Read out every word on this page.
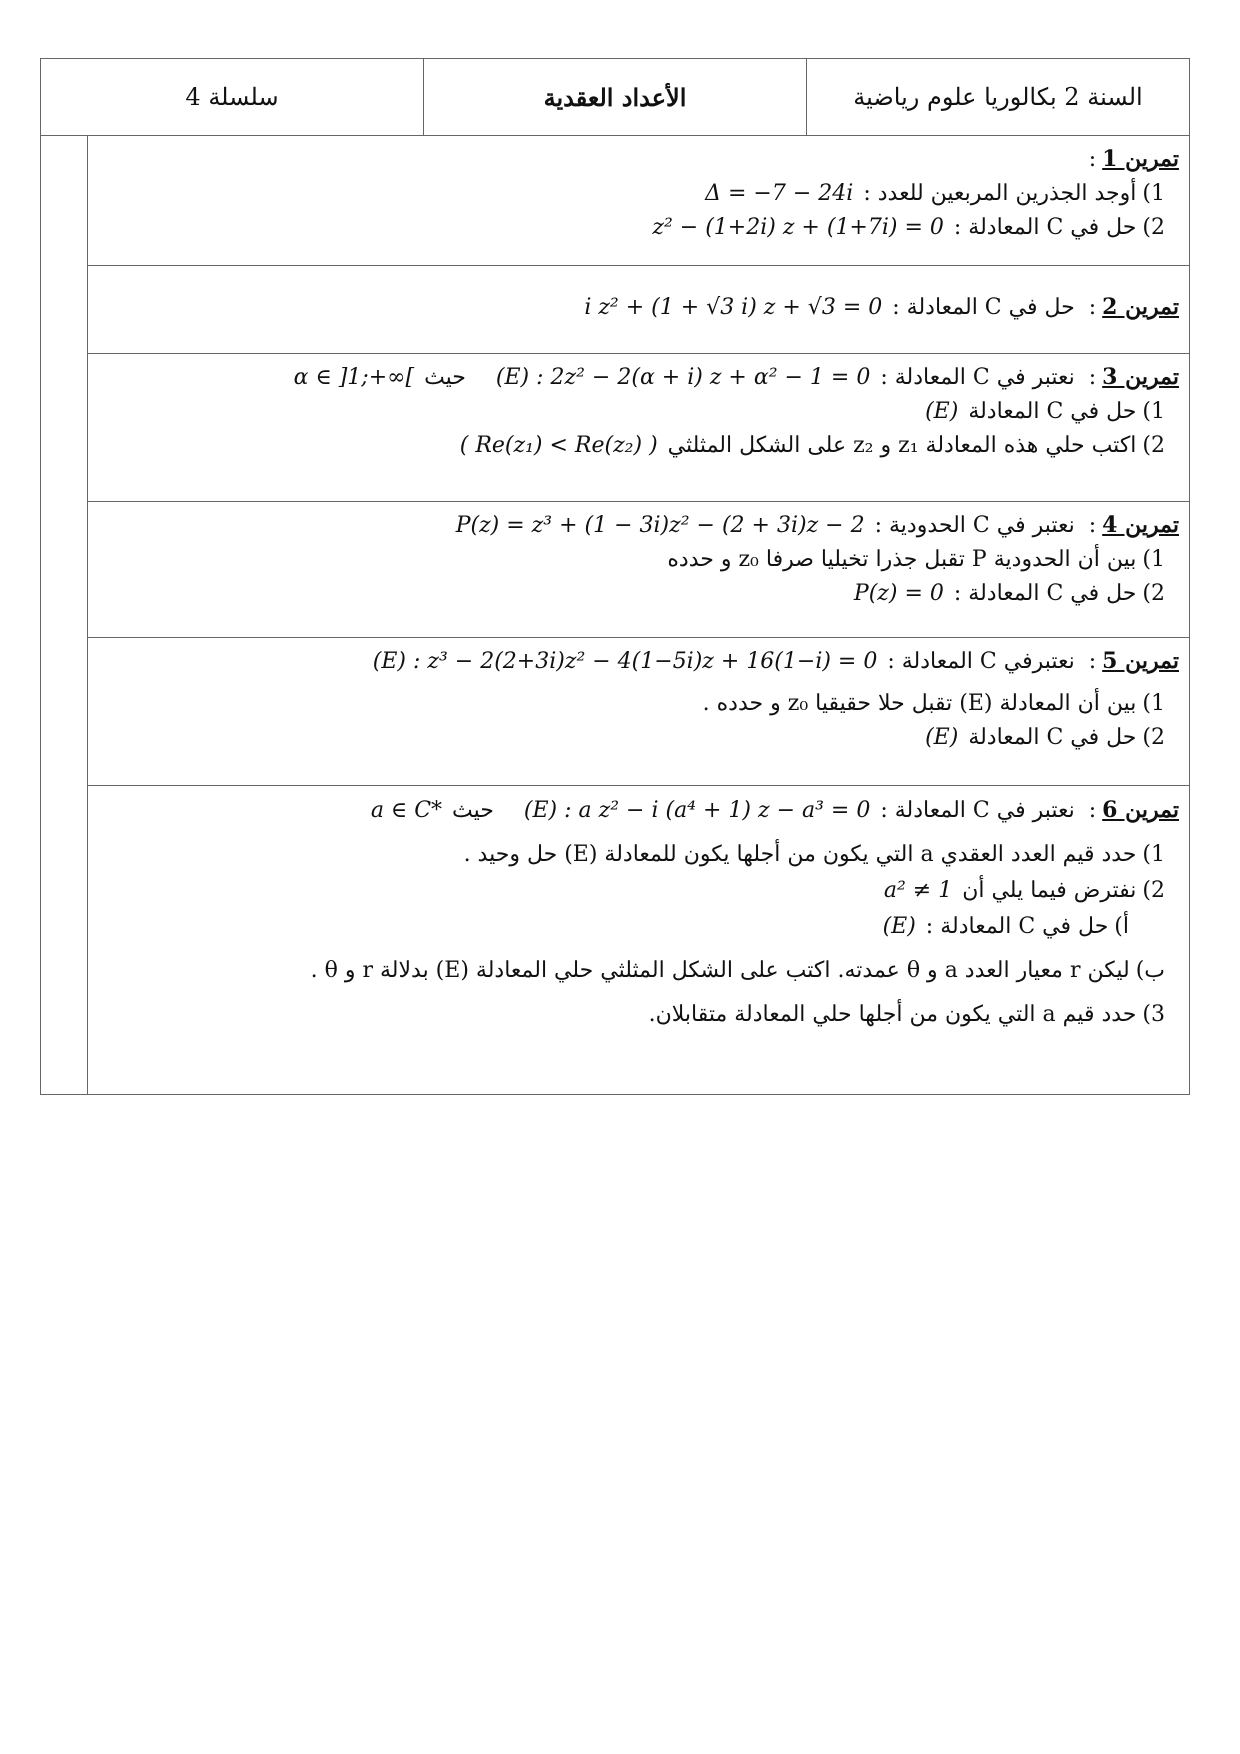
سلسلة 4	الأعداد العقدية	السنة 2 بكالوريا علوم رياضية
تمرين 1
:
1)
أوجد الجذرين المربعين للعدد :
Δ = −7 − 24i
2)
حل في C المعادلة :
z² − (1+2i) z + (1+7i) = 0
تمرين 2
:
حل في C المعادلة :
i z² + (1 + √3 i) z + √3 = 0
تمرين 3
:
نعتبر في C المعادلة :
(E) : 2z² − 2(α + i) z + α² − 1 = 0
حيث
α ∈ ]1;+∞[
1)
حل في C المعادلة
(E)
2)
اكتب حلي هذه المعادلة z₁ و z₂ على الشكل المثلثي
( Re(z₁) < Re(z₂) )
تمرين 4
:
نعتبر في C الحدودية :
P(z) = z³ + (1 − 3i)z² − (2 + 3i)z − 2
1)
بين أن الحدودية P تقبل جذرا تخيليا صرفا z₀ و حدده
2)
حل في C المعادلة :
P(z) = 0
تمرين 5
:
نعتبرفي C المعادلة :
(E) : z³ − 2(2+3i)z² − 4(1−5i)z + 16(1−i) = 0
1)
بين أن المعادلة (E) تقبل حلا حقيقيا z₀ و حدده .
2)
حل في C المعادلة
(E)
تمرين 6
:
نعتبر في C المعادلة :
(E) : a z² − i (a⁴ + 1) z − a³ = 0
حيث
a ∈ C*
1)
حدد قيم العدد العقدي a التي يكون من أجلها يكون للمعادلة (E) حل وحيد .
2)
نفترض فيما يلي أن
a² ≠ 1
أ)
حل في C المعادلة :
(E)
ب)
ليكن r معيار العدد a و θ عمدته. اكتب على الشكل المثلثي حلي المعادلة (E) بدلالة r و θ .
3)
حدد قيم a التي يكون من أجلها حلي المعادلة متقابلان.
